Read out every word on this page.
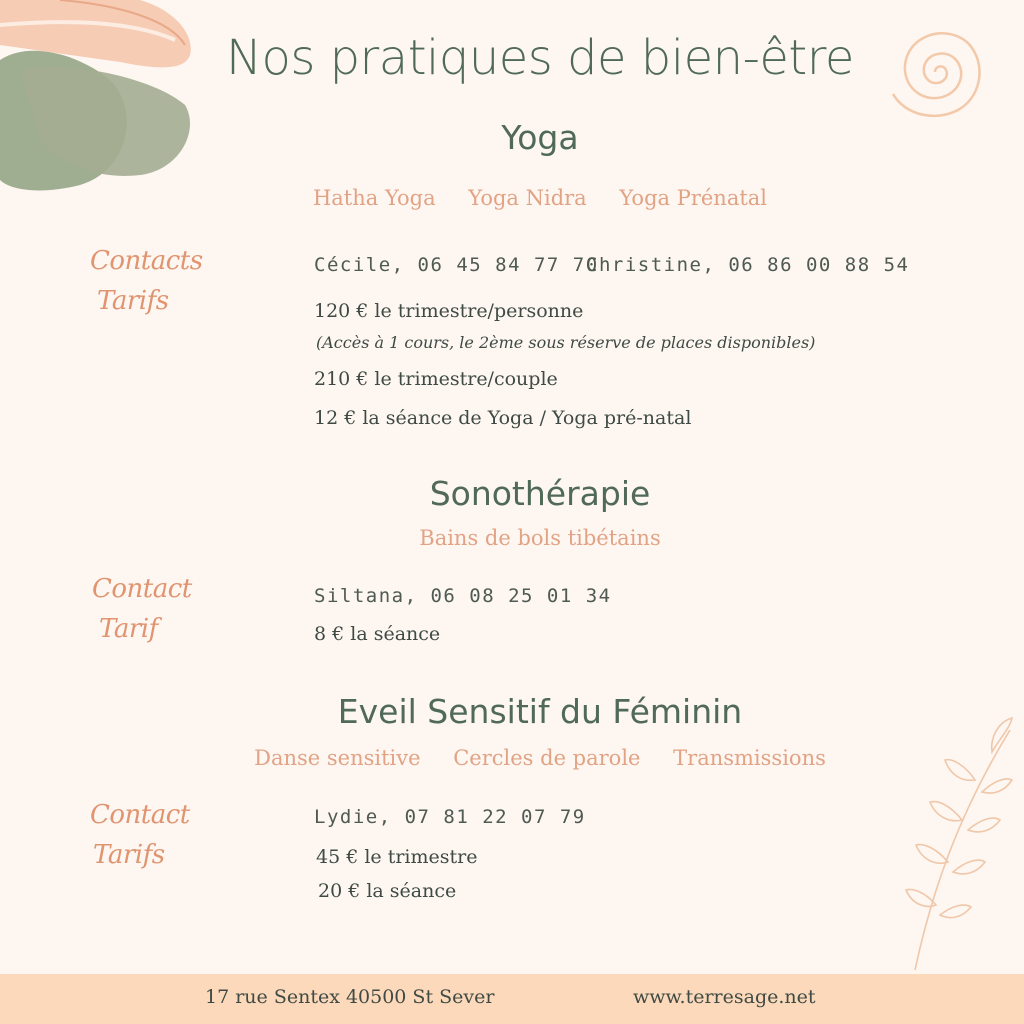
Nos pratiques de bien-être
Yoga
Hatha Yoga Yoga Nidra Yoga Prénatal
Contacts
Tarifs
Cécile, 06 45 84 77 70
Christine, 06 86 00 88 54
120 € le trimestre/personne
(Accès à 1 cours, le 2ème sous réserve de places disponibles)
210 € le trimestre/couple
12 € la séance de Yoga / Yoga pré-natal
Sonothérapie
Bains de bols tibétains
Contact
Tarif
Siltana, 06 08 25 01 34
8 € la séance
Eveil Sensitif du Féminin
Danse sensitive Cercles de parole Transmissions
Contact
Tarifs
Lydie, 07 81 22 07 79
45 € le trimestre
20 € la séance
17 rue Sentex 40500 St Sever	www.terresage.net
